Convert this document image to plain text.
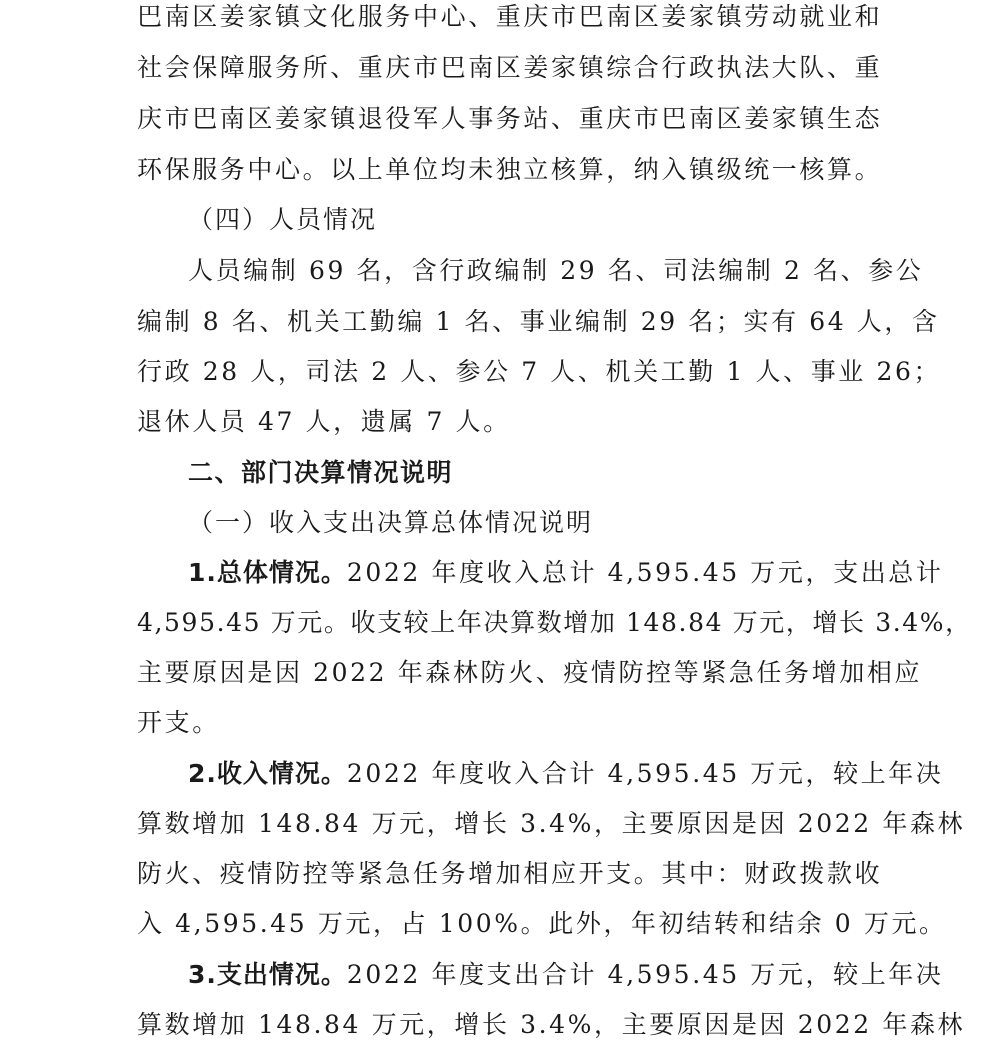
巴南区姜家镇文化服务中心、重庆市巴南区姜家镇劳动就业和
社会保障服务所、重庆市巴南区姜家镇综合行政执法大队、重
庆市巴南区姜家镇退役军人事务站、重庆市巴南区姜家镇生态
环保服务中心。以上单位均未独立核算，纳入镇级统一核算。
（四）人员情况
人员编制 69 名，含行政编制 29 名、司法编制 2 名、参公
编制 8 名、机关工勤编 1 名、事业编制 29 名；实有 64 人，含
行政 28 人，司法 2 人、参公 7 人、机关工勤 1 人、事业 26；
退休人员 47 人，遗属 7 人。
二、部门决算情况说明
（一）收入支出决算总体情况说明
1.总体情况。2022 年度收入总计 4,595.45 万元，支出总计
4,595.45 万元。收支较上年决算数增加 148.84 万元，增长 3.4%，
主要原因是因 2022 年森林防火、疫情防控等紧急任务增加相应
开支。
2.收入情况。2022 年度收入合计 4,595.45 万元，较上年决
算数增加 148.84 万元，增长 3.4%，主要原因是因 2022 年森林
防火、疫情防控等紧急任务增加相应开支。其中：财政拨款收
入 4,595.45 万元，占 100%。此外，年初结转和结余 0 万元。
3.支出情况。2022 年度支出合计 4,595.45 万元，较上年决
算数增加 148.84 万元，增长 3.4%，主要原因是因 2022 年森林
